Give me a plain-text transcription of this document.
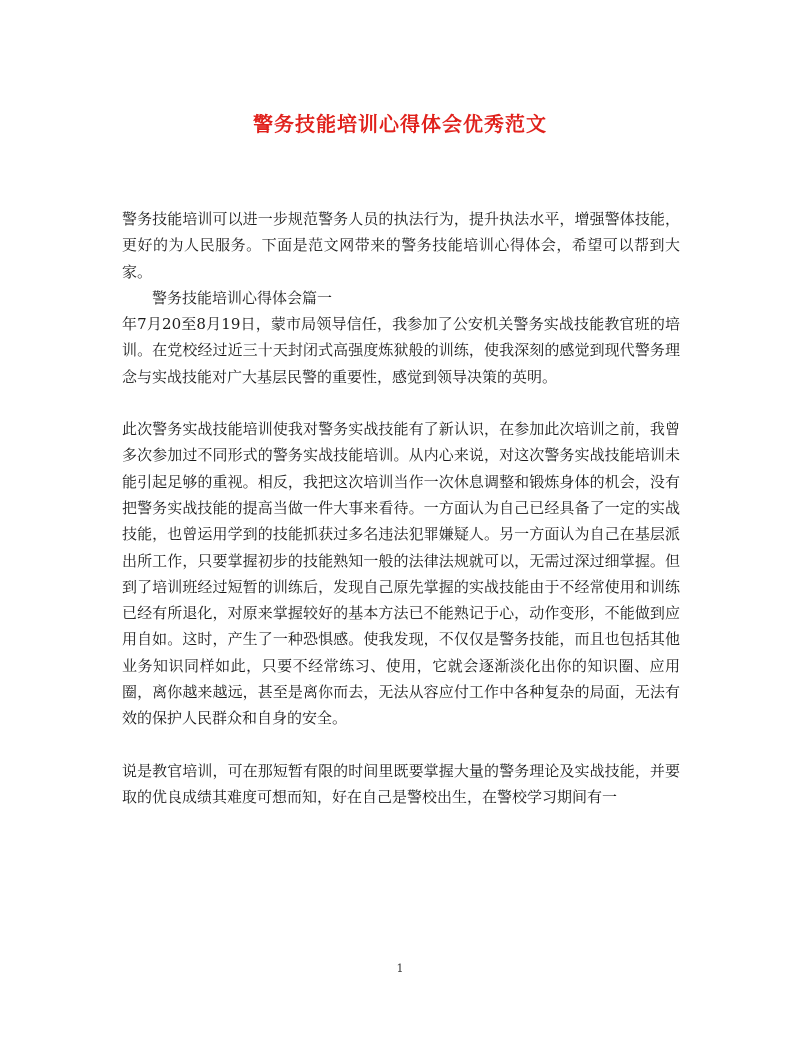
警务技能培训心得体会优秀范文

警务技能培训可以进一步规范警务人员的执法行为，提升执法水平，增强警体技能，更好的为人民服务。下面是范文网带来的警务技能培训心得体会，希望可以帮到大家。

警务技能培训心得体会篇一

年7月20至8月19日，蒙市局领导信任，我参加了公安机关警务实战技能教官班的培训。在党校经过近三十天封闭式高强度炼狱般的训练，使我深刻的感觉到现代警务理念与实战技能对广大基层民警的重要性，感觉到领导决策的英明。

此次警务实战技能培训使我对警务实战技能有了新认识，在参加此次培训之前，我曾多次参加过不同形式的警务实战技能培训。从内心来说，对这次警务实战技能培训未能引起足够的重视。相反，我把这次培训当作一次休息调整和锻炼身体的机会，没有把警务实战技能的提高当做一件大事来看待。一方面认为自己已经具备了一定的实战技能，也曾运用学到的技能抓获过多名违法犯罪嫌疑人。另一方面认为自己在基层派出所工作，只要掌握初步的技能熟知一般的法律法规就可以，无需过深过细掌握。但到了培训班经过短暂的训练后，发现自己原先掌握的实战技能由于不经常使用和训练已经有所退化，对原来掌握较好的基本方法已不能熟记于心，动作变形，不能做到应用自如。这时，产生了一种恐惧感。使我发现，不仅仅是警务技能，而且也包括其他业务知识同样如此，只要不经常练习、使用，它就会逐渐淡化出你的知识圈、应用圈，离你越来越远，甚至是离你而去，无法从容应付工作中各种复杂的局面，无法有效的保护人民群众和自身的安全。

说是教官培训，可在那短暂有限的时间里既要掌握大量的警务理论及实战技能，并要取的优良成绩其难度可想而知，好在自己是警校出生，在警校学习期间有一

1
